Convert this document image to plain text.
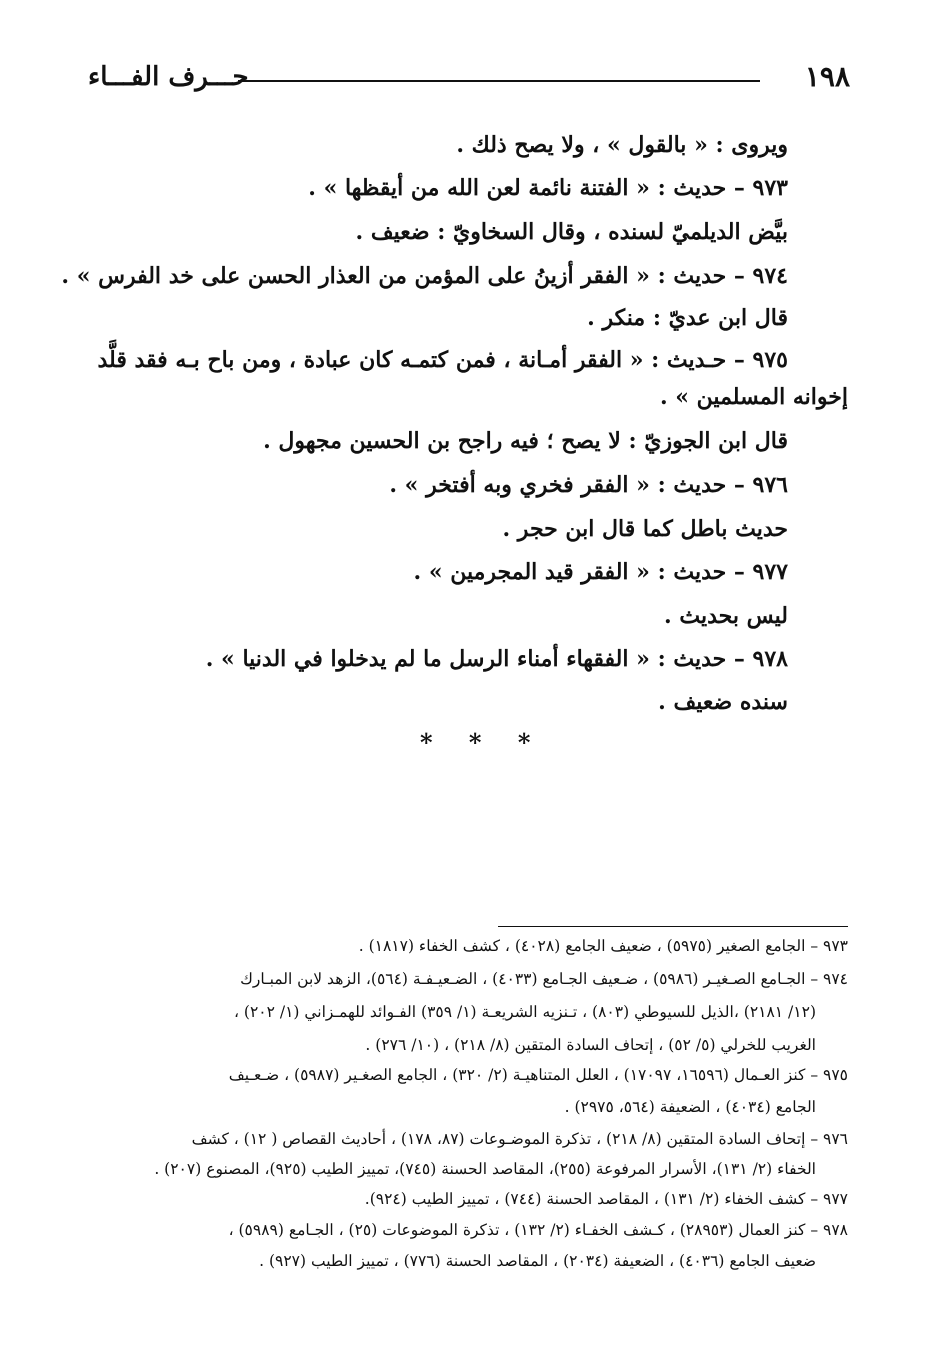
١٩٨
حـــرف الفـــاء
ويروى : « بالقول » ، ولا يصح ذلك .
٩٧٣ – حديث : « الفتنة نائمة لعن الله من أيقظها » .
بيَّض الديلميّ لسنده ، وقال السخاويّ : ضعيف .
٩٧٤ – حديث : « الفقر أزينُ على المؤمن من العذار الحسن على خد الفرس » .
قال ابن عديّ : منكر .
٩٧٥ – حـديث : « الفقر أمـانة ، فمن كتمـه كان عبادة ، ومن باح بـه فقد قلَّد
إخوانه المسلمين » .
قال ابن الجوزيّ : لا يصح ؛ فيه راجح بن الحسين مجهول .
٩٧٦ – حديث : « الفقر فخري وبه أفتخر » .
حديث باطل كما قال ابن حجر .
٩٧٧ – حديث : « الفقر قيد المجرمين » .
ليس بحديث .
٩٧٨ – حديث : « الفقهاء أمناء الرسل ما لم يدخلوا في الدنيا » .
سنده ضعيف .
* * *
٩٧٣ – الجامع الصغير (٥٩٧٥) ، ضعيف الجامع (٤٠٢٨) ، كشف الخفاء (١٨١٧) .
٩٧٤ – الجـامع الصـغيـر (٥٩٨٦) ، ضـعيف الجـامع (٤٠٣٣) ، الضـعيـفـة (٥٦٤)، الزهد لابن المبـارك
(١٢/ ٢١٨١) ،الذيل للسيوطي (٨٠٣) ، تـنزيه الشريعـة (١/ ٣٥٩) الفـوائد للهمـزاني (١/ ٢٠٢) ،
الغريب للخرلي (٥/ ٥٢) ، إتحاف السادة المتقين (٨/ ٢١٨) ، (١٠/ ٢٧٦) .
٩٧٥ – كنز العـمال (١٦٥٩٦، ١٧٠٩٧) ، العلل المتناهيـة (٢/ ٣٢٠) ، الجامع الصغـير (٥٩٨٧) ، ضـعـيف
الجامع (٤٠٣٤) ، الضعيفة (٥٦٤، ٢٩٧٥) .
٩٧٦ – إتحاف السادة المتقين (٨/ ٢١٨) ، تذكرة الموضـوعات (٨٧، ١٧٨) ، أحاديث القصاص ( ١٢) ، كشف
الخفاء (٢/ ١٣١)، الأسرار المرفوعة (٢٥٥)، المقاصد الحسنة (٧٤٥)، تمييز الطيب (٩٢٥)، المصنوع (٢٠٧) .
٩٧٧ – كشف الخفاء (٢/ ١٣١) ، المقاصد الحسنة (٧٤٤) ، تمييز الطيب (٩٢٤).
٩٧٨ – كنز العمال (٢٨٩٥٣) ، كـشف الخفـاء (٢/ ١٣٢) ، تذكرة الموضوعات (٢٥) ، الجـامع (٥٩٨٩) ،
ضعيف الجامع (٤٠٣٦) ، الضعيفة (٢٠٣٤) ، المقاصد الحسنة (٧٧٦) ، تمييز الطيب (٩٢٧) .
